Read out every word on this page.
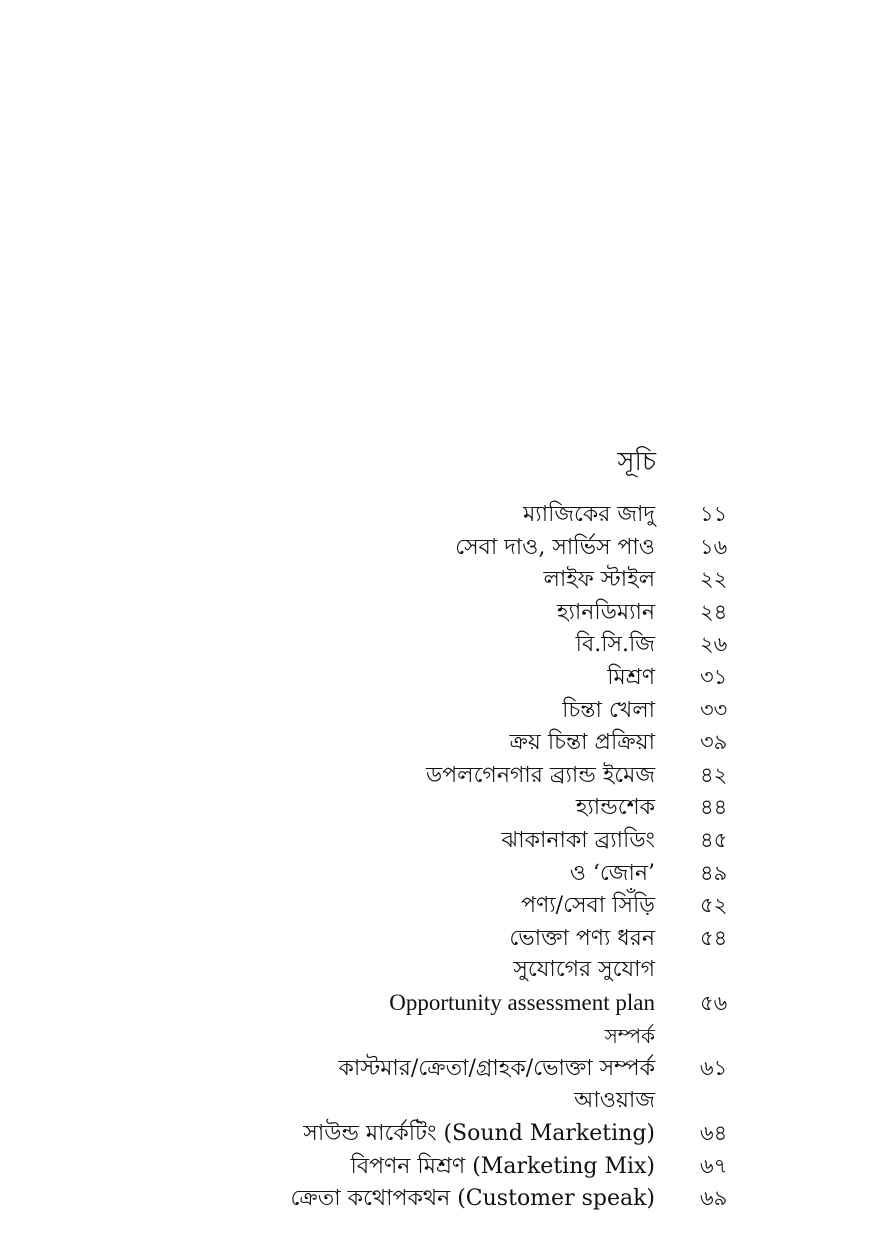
সূচি
ম্যাজিকের জাদু ১১
সেবা দাও, সার্ভিস পাও ১৬
লাইফ স্টাইল ২২
হ্যানডিম্যান ২৪
বি.সি.জি ২৬
মিশ্রণ ৩১
চিন্তা খেলা ৩৩
ক্রয় চিন্তা প্রক্রিয়া ৩৯
ডপলগেনগার ব্র্যান্ড ইমেজ ৪২
হ্যান্ডশেক ৪৪
ঝাকানাকা ব্র্যাডিং ৪৫
ও ‘জোন’ ৪৯
পণ্য/সেবা সিঁড়ি ৫২
ভোক্তা পণ্য ধরন ৫৪
সুযোগের সুযোগ
Opportunity assessment plan ৫৬
সম্পর্ক
কাস্টমার/ক্রেতা/গ্রাহক/ভোক্তা সম্পর্ক ৬১
আওয়াজ
সাউন্ড মার্কেটিং (Sound Marketing) ৬৪
বিপণন মিশ্রণ (Marketing Mix) ৬৭
ক্রেতা কথোপকথন (Customer speak) ৬৯
